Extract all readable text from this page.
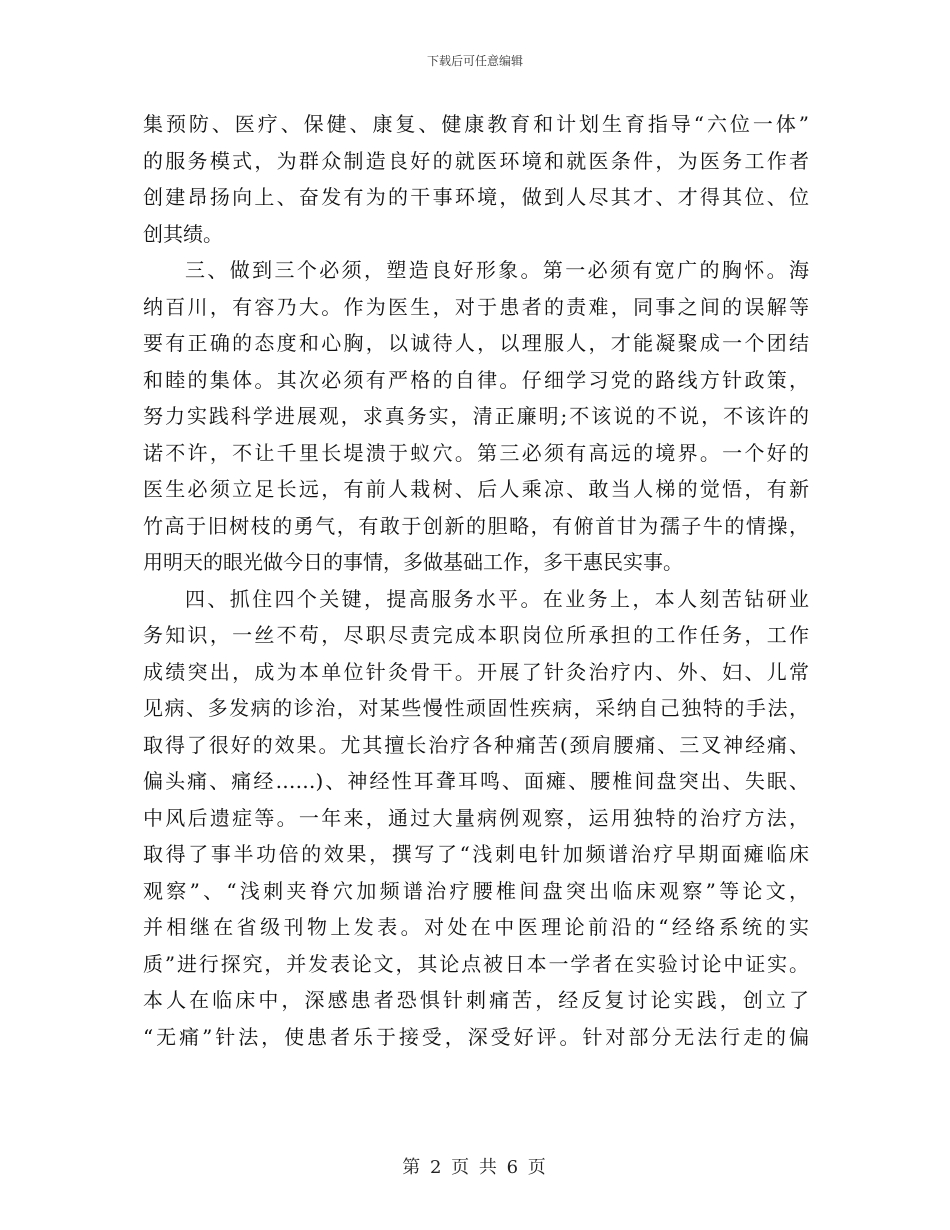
下载后可任意编辑
集预防、医疗、保健、康复、健康教育和计划生育指导“六位一体”
的服务模式，为群众制造良好的就医环境和就医条件，为医务工作者
创建昂扬向上、奋发有为的干事环境，做到人尽其才、才得其位、位
创其绩。
三、做到三个必须，塑造良好形象。第一必须有宽广的胸怀。海
纳百川，有容乃大。作为医生，对于患者的责难，同事之间的误解等
要有正确的态度和心胸，以诚待人，以理服人，才能凝聚成一个团结
和睦的集体。其次必须有严格的自律。仔细学习党的路线方针政策，
努力实践科学进展观，求真务实，清正廉明;不该说的不说，不该许的
诺不许，不让千里长堤溃于蚁穴。第三必须有高远的境界。一个好的
医生必须立足长远，有前人栽树、后人乘凉、敢当人梯的觉悟，有新
竹高于旧树枝的勇气，有敢于创新的胆略，有俯首甘为孺子牛的情操，
用明天的眼光做今日的事情，多做基础工作，多干惠民实事。
四、抓住四个关键，提高服务水平。在业务上，本人刻苦钻研业
务知识，一丝不苟，尽职尽责完成本职岗位所承担的工作任务，工作
成绩突出，成为本单位针灸骨干。开展了针灸治疗内、外、妇、儿常
见病、多发病的诊治，对某些慢性顽固性疾病，采纳自己独特的手法，
取得了很好的效果。尤其擅长治疗各种痛苦(颈肩腰痛、三叉神经痛、
偏头痛、痛经……)、神经性耳聋耳鸣、面瘫、腰椎间盘突出、失眠、
中风后遗症等。一年来，通过大量病例观察，运用独特的治疗方法，
取得了事半功倍的效果，撰写了“浅刺电针加频谱治疗早期面瘫临床
观察”、“浅刺夹脊穴加频谱治疗腰椎间盘突出临床观察”等论文，
并相继在省级刊物上发表。对处在中医理论前沿的“经络系统的实
质”进行探究，并发表论文，其论点被日本一学者在实验讨论中证实。
本人在临床中，深感患者恐惧针刺痛苦，经反复讨论实践，创立了
“无痛”针法，使患者乐于接受，深受好评。针对部分无法行走的偏
第 2 页 共 6 页
